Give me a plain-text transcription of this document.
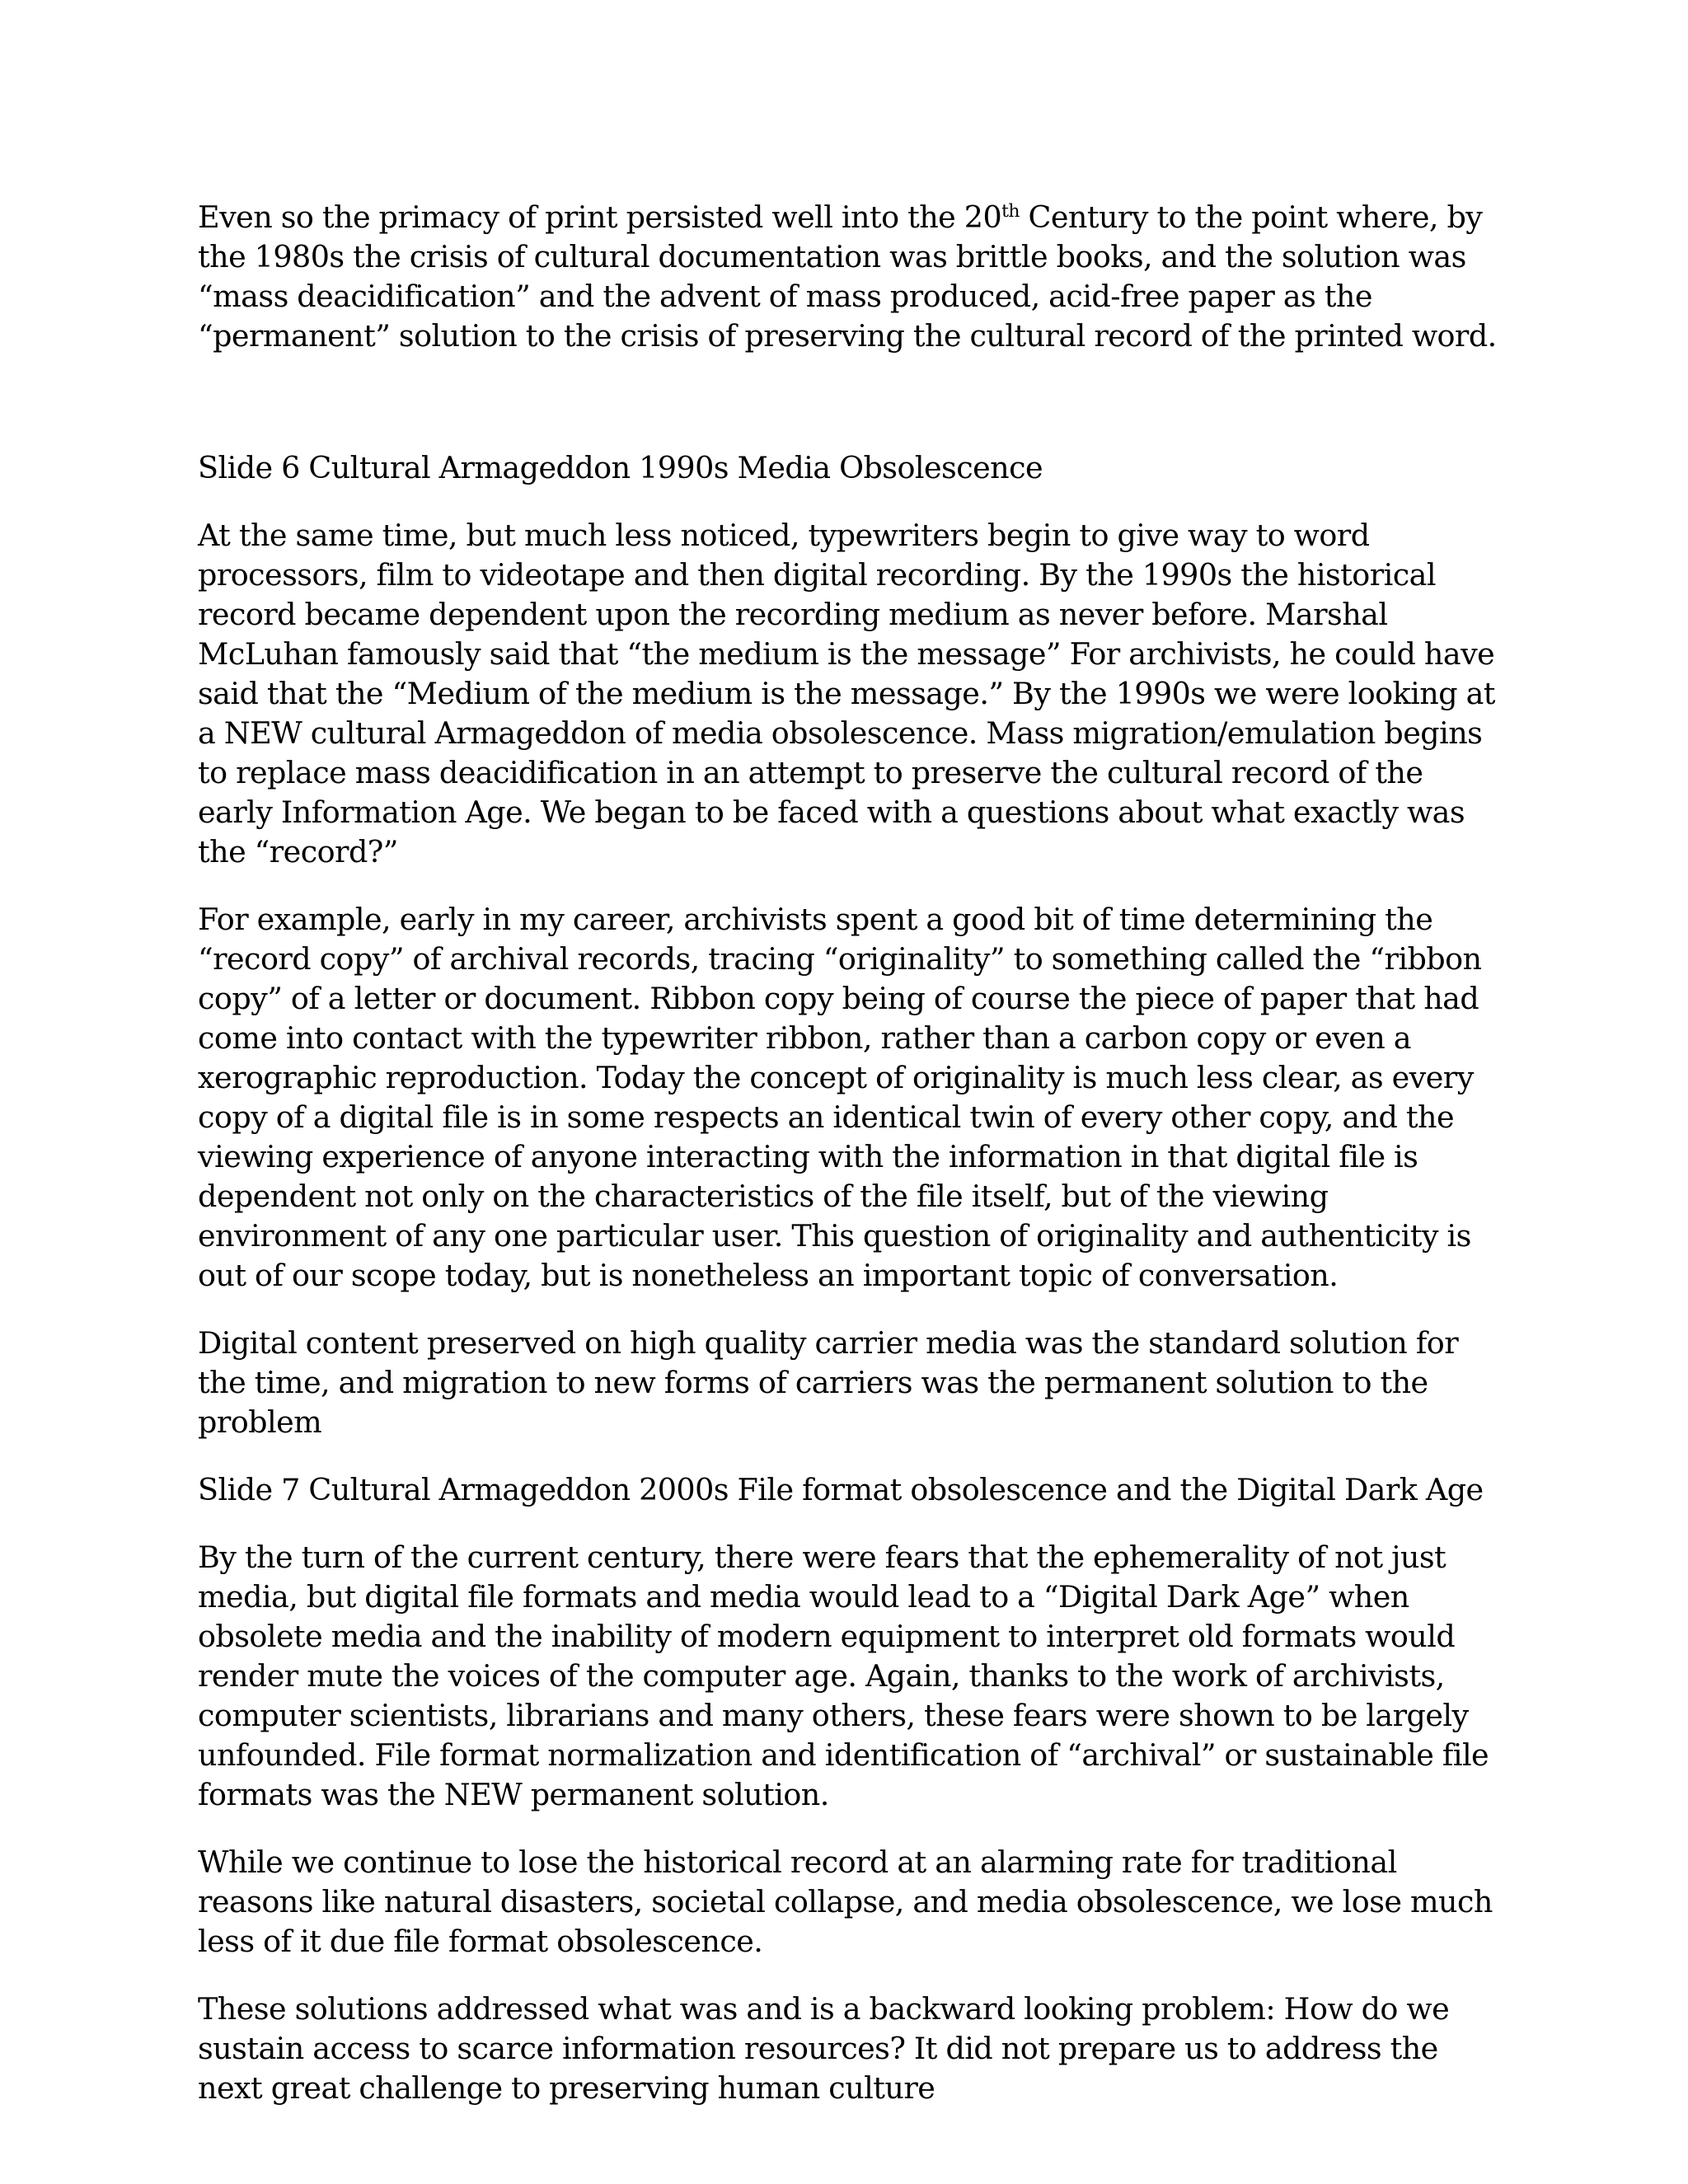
Even so the primacy of print persisted well into the 20th Century to the point where, by the 1980s the crisis of cultural documentation was brittle books, and the solution was “mass deacidification” and the advent of mass produced, acid-free paper as the “permanent” solution to the crisis of preserving the cultural record of the printed word.

Slide 6 Cultural Armageddon 1990s Media Obsolescence

At the same time, but much less noticed, typewriters begin to give way to word processors, film to videotape and then digital recording. By the 1990s the historical record became dependent upon the recording medium as never before. Marshal McLuhan famously said that “the medium is the message” For archivists, he could have said that the “Medium of the medium is the message.” By the 1990s we were looking at a NEW cultural Armageddon of media obsolescence. Mass migration/emulation begins to replace mass deacidification in an attempt to preserve the cultural record of the early Information Age. We began to be faced with a questions about what exactly was the “record?”

For example, early in my career, archivists spent a good bit of time determining the “record copy” of archival records, tracing “originality” to something called the “ribbon copy” of a letter or document. Ribbon copy being of course the piece of paper that had come into contact with the typewriter ribbon, rather than a carbon copy or even a xerographic reproduction. Today the concept of originality is much less clear, as every copy of a digital file is in some respects an identical twin of every other copy, and the viewing experience of anyone interacting with the information in that digital file is dependent not only on the characteristics of the file itself, but of the viewing environment of any one particular user. This question of originality and authenticity is out of our scope today, but is nonetheless an important topic of conversation.

Digital content preserved on high quality carrier media was the standard solution for the time, and migration to new forms of carriers was the permanent solution to the problem

Slide 7 Cultural Armageddon 2000s File format obsolescence and the Digital Dark Age

By the turn of the current century, there were fears that the ephemerality of not just media, but digital file formats and media would lead to a “Digital Dark Age” when obsolete media and the inability of modern equipment to interpret old formats would render mute the voices of the computer age. Again, thanks to the work of archivists, computer scientists, librarians and many others, these fears were shown to be largely unfounded. File format normalization and identification of “archival” or sustainable file formats was the NEW permanent solution.

While we continue to lose the historical record at an alarming rate for traditional reasons like natural disasters, societal collapse, and media obsolescence, we lose much less of it due file format obsolescence.

These solutions addressed what was and is a backward looking problem: How do we sustain access to scarce information resources? It did not prepare us to address the next great challenge to preserving human culture
